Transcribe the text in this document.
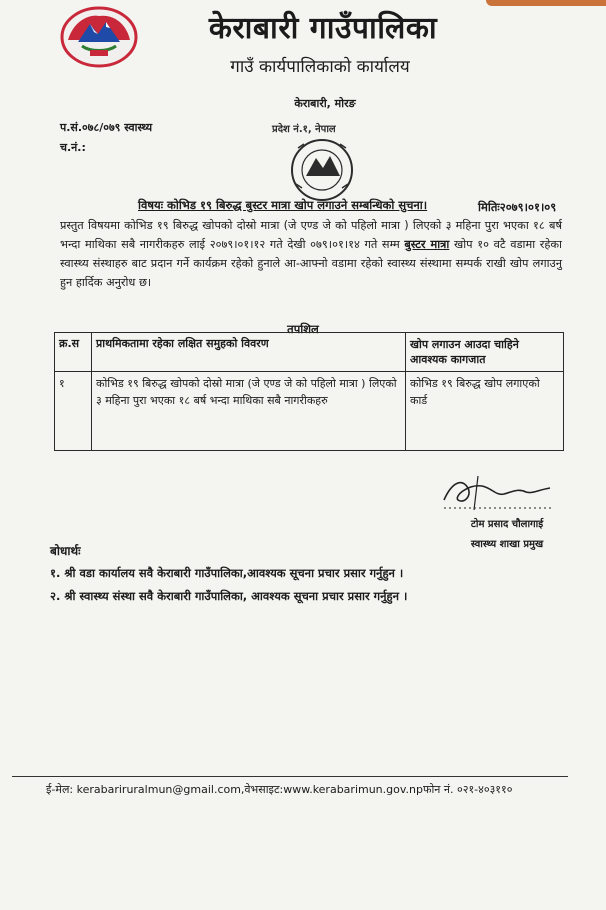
केराबारी गाउँपालिका
गाउँ कार्यपालिकाको कार्यालय
केराबारी, मोरङ
प.सं.०७८/०७९ स्वास्थ्य
च.नं.:
प्रदेश नं.१, नेपाल
विषयः कोभिड १९ बिरुद्ध बुस्टर मात्रा खोप लगाउने सम्बन्धिको सुचना।	मितिः२०७९।०१।०९
प्रस्तुत विषयमा कोभिड १९ बिरुद्ध खोपको दोस्रो मात्रा (जे एण्ड जे को पहिलो मात्रा ) लिएको ३ महिना पुरा भएका १८ बर्ष भन्दा माथिका सबै नागरीकहरु लाई २०७९।०१।१२ गते देखी ०७९।०१।१४ गते सम्म बुस्टर मात्रा खोप १० वटै वडामा रहेका स्वास्थ्य संस्थाहरु बाट प्रदान गर्ने कार्यक्रम रहेको हुनाले आ-आफ्नो वडामा रहेको स्वास्थ्य संस्थामा सम्पर्क राखी खोप लगाउनु हुन हार्दिक अनुरोध छ।
तपशिल
क्र.स	प्राथमिकतामा रहेका लक्षित समुहको विवरण	खोप लगाउन आउदा चाहिने आवश्यक कागजात
१	कोभिड १९ बिरुद्ध खोपको दोस्रो मात्रा (जे एण्ड जे को पहिलो मात्रा ) लिएको ३ महिना पुरा भएका १८ बर्ष भन्दा माथिका सबै नागरीकहरु	कोभिड १९ बिरुद्ध खोप लगाएको कार्ड
टोम प्रसाद चौलागाई
स्वास्थ्य शाखा प्रमुख
बोधार्थः
१. श्री वडा कार्यालय सवै केराबारी गाउँपालिका,आवश्यक सूचना प्रचार प्रसार गर्नुहुन ।
२. श्री स्वास्थ्य संस्था सवै केराबारी गाउँपालिका, आवश्यक सूचना प्रचार प्रसार गर्नुहुन ।
ई-मेल: kerabariruralmun@gmail.com,वेभसाइट:www.kerabarimun.gov.npफोन नं. ०२१-४०३११०
